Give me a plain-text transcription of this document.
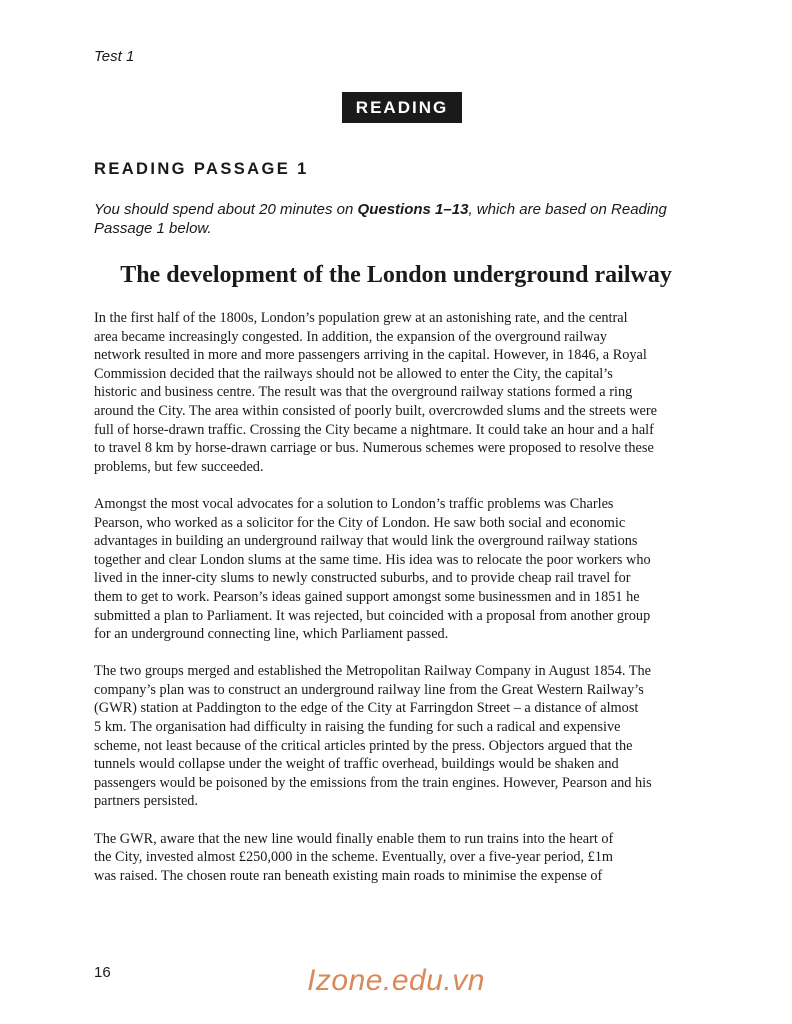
Test 1
READING
READING PASSAGE 1
You should spend about 20 minutes on Questions 1–13, which are based on Reading Passage 1 below.
The development of the London underground railway

In the first half of the 1800s, London’s population grew at an astonishing rate, and the central
area became increasingly congested. In addition, the expansion of the overground railway
network resulted in more and more passengers arriving in the capital. However, in 1846, a Royal
Commission decided that the railways should not be allowed to enter the City, the capital’s
historic and business centre. The result was that the overground railway stations formed a ring
around the City. The area within consisted of poorly built, overcrowded slums and the streets were
full of horse-drawn traffic. Crossing the City became a nightmare. It could take an hour and a half
to travel 8 km by horse-drawn carriage or bus. Numerous schemes were proposed to resolve these
problems, but few succeeded.

Amongst the most vocal advocates for a solution to London’s traffic problems was Charles
Pearson, who worked as a solicitor for the City of London. He saw both social and economic
advantages in building an underground railway that would link the overground railway stations
together and clear London slums at the same time. His idea was to relocate the poor workers who
lived in the inner-city slums to newly constructed suburbs, and to provide cheap rail travel for
them to get to work. Pearson’s ideas gained support amongst some businessmen and in 1851 he
submitted a plan to Parliament. It was rejected, but coincided with a proposal from another group
for an underground connecting line, which Parliament passed.

The two groups merged and established the Metropolitan Railway Company in August 1854. The
company’s plan was to construct an underground railway line from the Great Western Railway’s
(GWR) station at Paddington to the edge of the City at Farringdon Street – a distance of almost
5 km. The organisation had difficulty in raising the funding for such a radical and expensive
scheme, not least because of the critical articles printed by the press. Objectors argued that the
tunnels would collapse under the weight of traffic overhead, buildings would be shaken and
passengers would be poisoned by the emissions from the train engines. However, Pearson and his
partners persisted.

The GWR, aware that the new line would finally enable them to run trains into the heart of
the City, invested almost £250,000 in the scheme. Eventually, over a five-year period, £1m
was raised. The chosen route ran beneath existing main roads to minimise the expense of

16	Izone.edu.vn
